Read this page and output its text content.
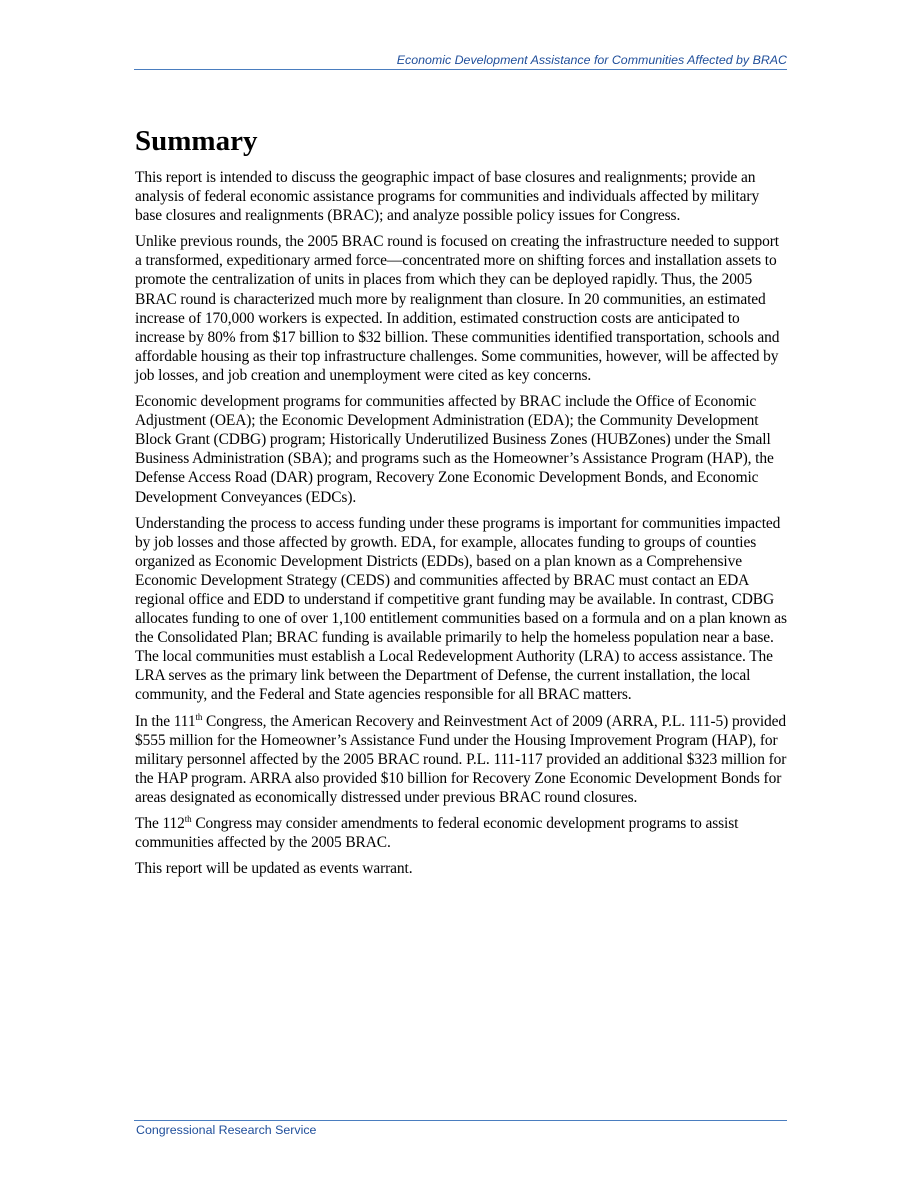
Economic Development Assistance for Communities Affected by BRAC
Summary

This report is intended to discuss the geographic impact of base closures and realignments; provide an analysis of federal economic assistance programs for communities and individuals affected by military base closures and realignments (BRAC); and analyze possible policy issues for Congress.

Unlike previous rounds, the 2005 BRAC round is focused on creating the infrastructure needed to support a transformed, expeditionary armed force—concentrated more on shifting forces and installation assets to promote the centralization of units in places from which they can be deployed rapidly. Thus, the 2005 BRAC round is characterized much more by realignment than closure. In 20 communities, an estimated increase of 170,000 workers is expected. In addition, estimated construction costs are anticipated to increase by 80% from $17 billion to $32 billion. These communities identified transportation, schools and affordable housing as their top infrastructure challenges. Some communities, however, will be affected by job losses, and job creation and unemployment were cited as key concerns.

Economic development programs for communities affected by BRAC include the Office of Economic Adjustment (OEA); the Economic Development Administration (EDA); the Community Development Block Grant (CDBG) program; Historically Underutilized Business Zones (HUBZones) under the Small Business Administration (SBA); and programs such as the Homeowner’s Assistance Program (HAP), the Defense Access Road (DAR) program, Recovery Zone Economic Development Bonds, and Economic Development Conveyances (EDCs).

Understanding the process to access funding under these programs is important for communities impacted by job losses and those affected by growth. EDA, for example, allocates funding to groups of counties organized as Economic Development Districts (EDDs), based on a plan known as a Comprehensive Economic Development Strategy (CEDS) and communities affected by BRAC must contact an EDA regional office and EDD to understand if competitive grant funding may be available. In contrast, CDBG allocates funding to one of over 1,100 entitlement communities based on a formula and on a plan known as the Consolidated Plan; BRAC funding is available primarily to help the homeless population near a base. The local communities must establish a Local Redevelopment Authority (LRA) to access assistance. The LRA serves as the primary link between the Department of Defense, the current installation, the local community, and the Federal and State agencies responsible for all BRAC matters.

In the 111th Congress, the American Recovery and Reinvestment Act of 2009 (ARRA, P.L. 111-5) provided $555 million for the Homeowner’s Assistance Fund under the Housing Improvement Program (HAP), for military personnel affected by the 2005 BRAC round. P.L. 111-117 provided an additional $323 million for the HAP program. ARRA also provided $10 billion for Recovery Zone Economic Development Bonds for areas designated as economically distressed under previous BRAC round closures.

The 112th Congress may consider amendments to federal economic development programs to assist communities affected by the 2005 BRAC.

This report will be updated as events warrant.

Congressional Research Service
